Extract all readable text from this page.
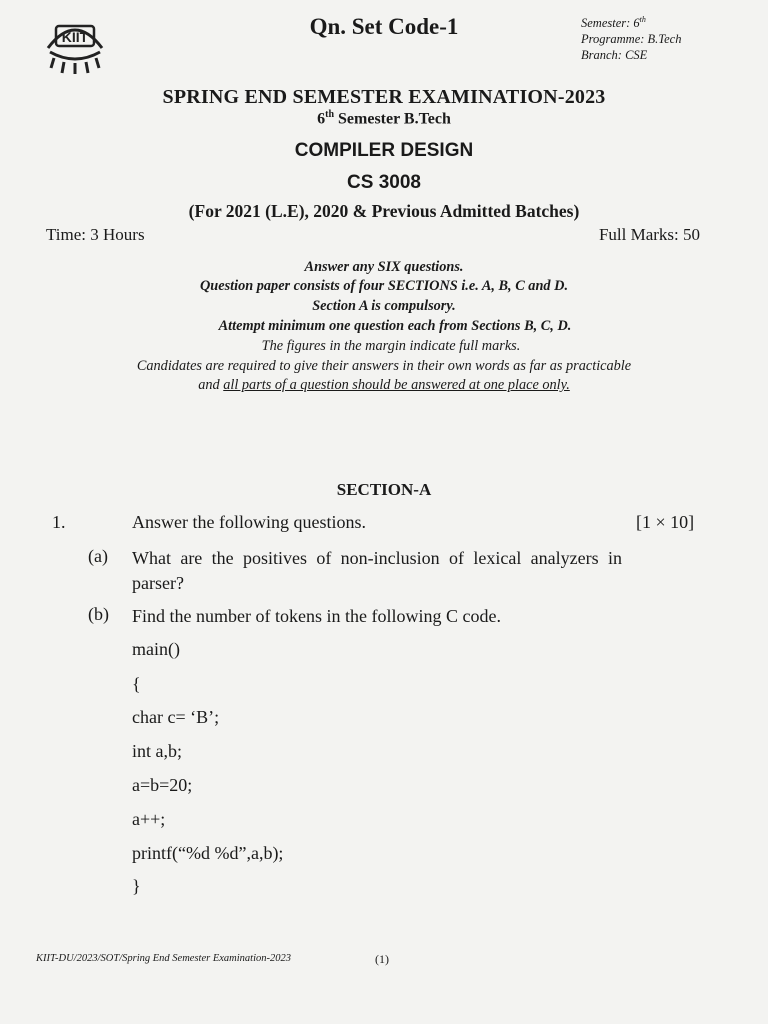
KIIT	Qn. Set Code-1	Semester: 6th
Programme: B.Tech
Branch: CSE
SPRING END SEMESTER EXAMINATION-2023
6th Semester B.Tech
COMPILER DESIGN
CS 3008
(For 2021 (L.E), 2020 & Previous Admitted Batches)
Time: 3 Hours	Full Marks: 50
Answer any SIX questions.
Question paper consists of four SECTIONS i.e. A, B, C and D.
Section A is compulsory.
Attempt minimum one question each from Sections B, C, D.
The figures in the margin indicate full marks.
Candidates are required to give their answers in their own words as far as practicable
and all parts of a question should be answered at one place only.
SECTION-A
1.	Answer the following questions.	[1 × 10]
(a) What are the positives of non-inclusion of lexical analyzers in parser?
(b) Find the number of tokens in the following C code.
main()
{
char c= ‘B’;
int a,b;
a=b=20;
a++;
printf(“%d %d”,a,b);
}
KIIT-DU/2023/SOT/Spring End Semester Examination-2023	(1)
